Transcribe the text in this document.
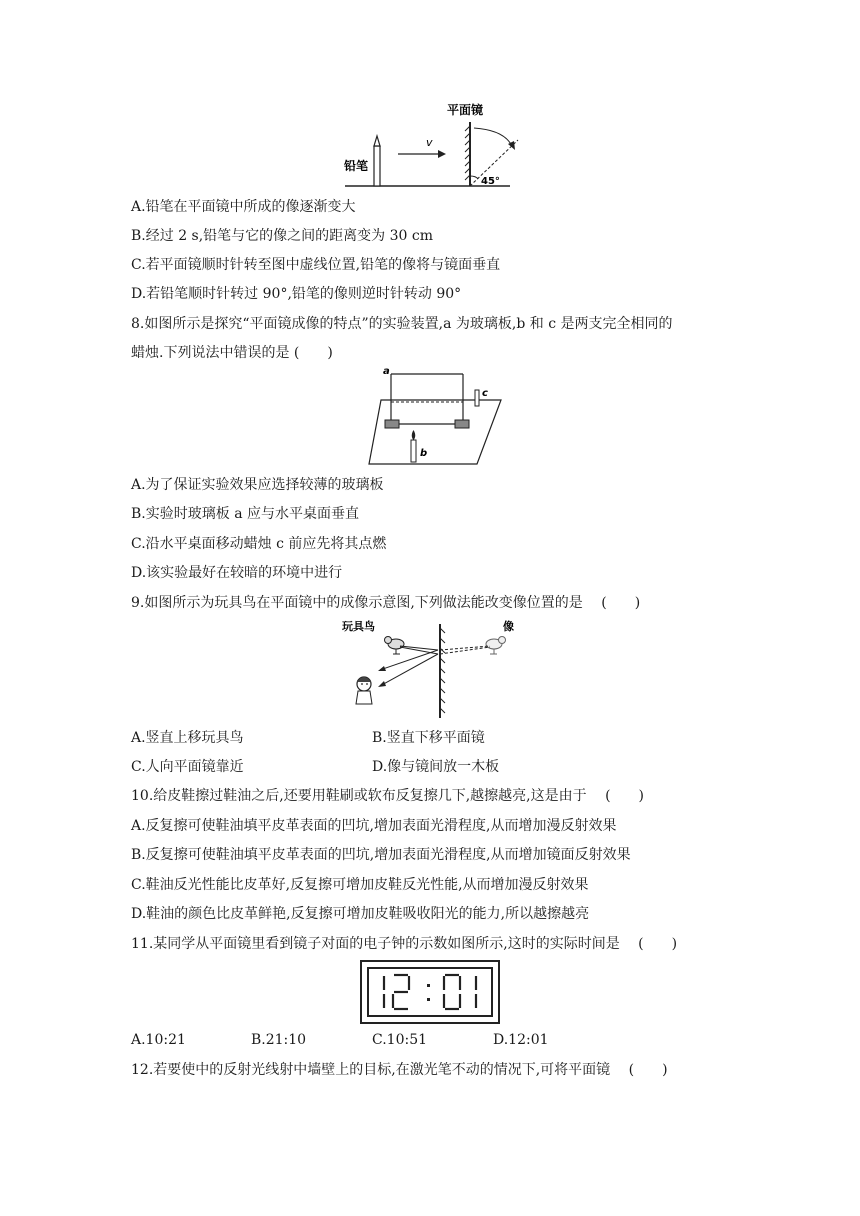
平面镜
铅笔
v
45°
A.铅笔在平面镜中所成的像逐渐变大
B.经过 2 s,铅笔与它的像之间的距离变为 30 cm
C.若平面镜顺时针转至图中虚线位置,铅笔的像将与镜面垂直
D.若铅笔顺时针转过 90°,铅笔的像则逆时针转动 90°
8.如图所示是探究“平面镜成像的特点”的实验装置,a 为玻璃板,b 和 c 是两支完全相同的
蜡烛.下列说法中错误的是 (　　)
a
c
b
A.为了保证实验效果应选择较薄的玻璃板
B.实验时玻璃板 a 应与水平桌面垂直
C.沿水平桌面移动蜡烛 c 前应先将其点燃
D.该实验最好在较暗的环境中进行
9.如图所示为玩具鸟在平面镜中的成像示意图,下列做法能改变像位置的是　 (　　)
玩具鸟	像
A.竖直上移玩具鸟	B.竖直下移平面镜
C.人向平面镜靠近	D.像与镜间放一木板
10.给皮鞋擦过鞋油之后,还要用鞋刷或软布反复擦几下,越擦越亮,这是由于　 (　　)
A.反复擦可使鞋油填平皮革表面的凹坑,增加表面光滑程度,从而增加漫反射效果
B.反复擦可使鞋油填平皮革表面的凹坑,增加表面光滑程度,从而增加镜面反射效果
C.鞋油反光性能比皮革好,反复擦可增加皮鞋反光性能,从而增加漫反射效果
D.鞋油的颜色比皮革鲜艳,反复擦可增加皮鞋吸收阳光的能力,所以越擦越亮
11.某同学从平面镜里看到镜子对面的电子钟的示数如图所示,这时的实际时间是　 (　　)
A.10:21	B.21:10	C.10:51	D.12:01
12.若要使中的反射光线射中墙壁上的目标,在激光笔不动的情况下,可将平面镜　 (　　)
